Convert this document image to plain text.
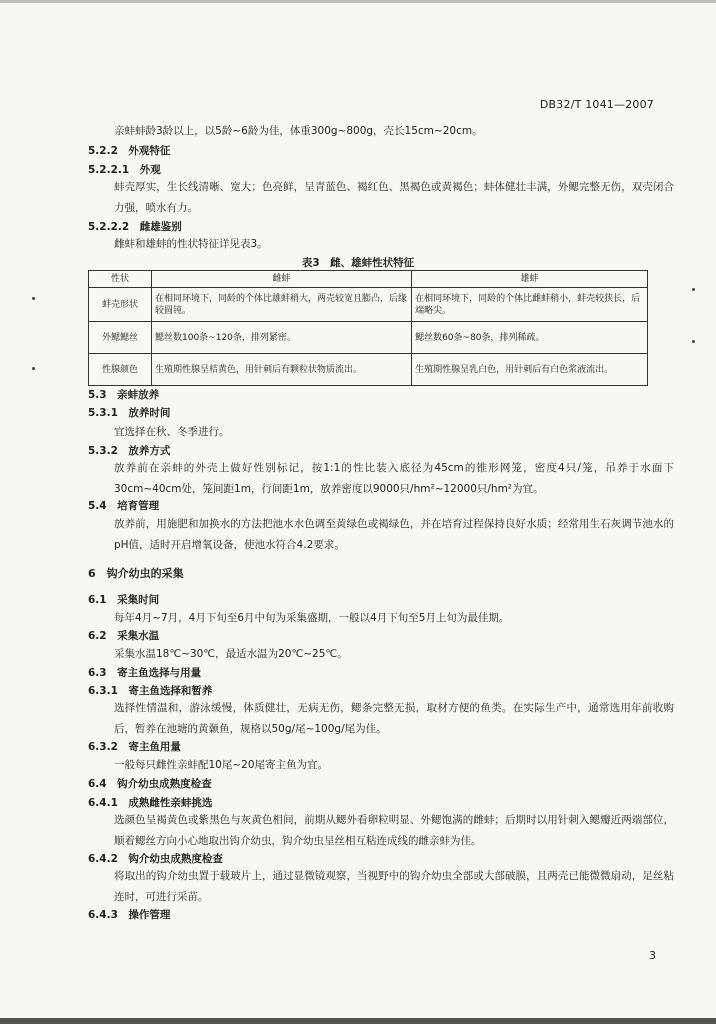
DB32/T 1041—2007
亲蚌蚌龄3龄以上，以5龄~6龄为佳，体重300g~800g，壳长15cm~20cm。
5.2.2　外观特征
5.2.2.1　外观
蚌壳厚实，生长线清晰、宽大；色亮鲜，呈青蓝色、褐红色、黑褐色或黄褐色；蚌体健壮丰满，外鳃完整无伤，双壳闭合力强，喷水有力。
5.2.2.2　雌雄鉴别
雌蚌和雄蚌的性状特征详见表3。
表3　雌、雄蚌性状特征
性状	雌蚌	雄蚌
蚌壳形状	在相同环境下，同龄的个体比雄蚌稍大，两壳较宽且膨凸，后缘较圆钝。	在相同环境下，同龄的个体比雌蚌稍小，蚌壳较狭长，后端略尖。
外鳃鳃丝	鳃丝数100条~120条，排列紧密。	鳃丝数60条~80条，排列稀疏。
性腺颜色	生殖期性腺呈桔黄色，用针刺后有颗粒状物质流出。	生殖期性腺呈乳白色，用针刺后有白色浆液流出。
5.3　亲蚌放养
5.3.1　放养时间
宜选择在秋、冬季进行。
5.3.2　放养方式
放养前在亲蚌的外壳上做好性别标记，按1:1的性比装入底径为45cm的锥形网笼，密度4只/笼，吊养于水面下30cm~40cm处，笼间距1m，行间距1m，放养密度以9000只/hm²~12000只/hm²为宜。
5.4　培育管理
放养前，用施肥和加换水的方法把池水水色调至黄绿色或褐绿色，并在培育过程保持良好水质；经常用生石灰调节池水的pH值，适时开启增氧设备，使池水符合4.2要求。
6　钩介幼虫的采集
6.1　采集时间
每年4月~7月，4月下旬至6月中旬为采集盛期，一般以4月下旬至5月上旬为最佳期。
6.2　采集水温
采集水温18℃~30℃，最适水温为20℃~25℃。
6.3　寄主鱼选择与用量
6.3.1　寄主鱼选择和暂养
选择性情温和，游泳缓慢，体质健壮，无病无伤，鳃条完整无损，取材方便的鱼类。在实际生产中，通常选用年前收购后，暂养在池塘的黄颡鱼，规格以50g/尾~100g/尾为佳。
6.3.2　寄主鱼用量
一般每只雌性亲蚌配10尾~20尾寄主鱼为宜。
6.4　钩介幼虫成熟度检查
6.4.1　成熟雌性亲蚌挑选
选颜色呈褐黄色或紫黑色与灰黄色相间，前期从鳃外看卵粒明显、外鳃饱满的雌蚌；后期时以用针刺入鳃瓣近两端部位，顺着鳃丝方向小心地取出钩介幼虫，钩介幼虫呈丝相互粘连成线的雌亲蚌为佳。
6.4.2　钩介幼虫成熟度检查
将取出的钩介幼虫置于载玻片上，通过显微镜观察，当视野中的钩介幼虫全部或大部破膜，且两壳已能微微扇动，足丝粘连时，可进行采苗。
6.4.3　操作管理
3
